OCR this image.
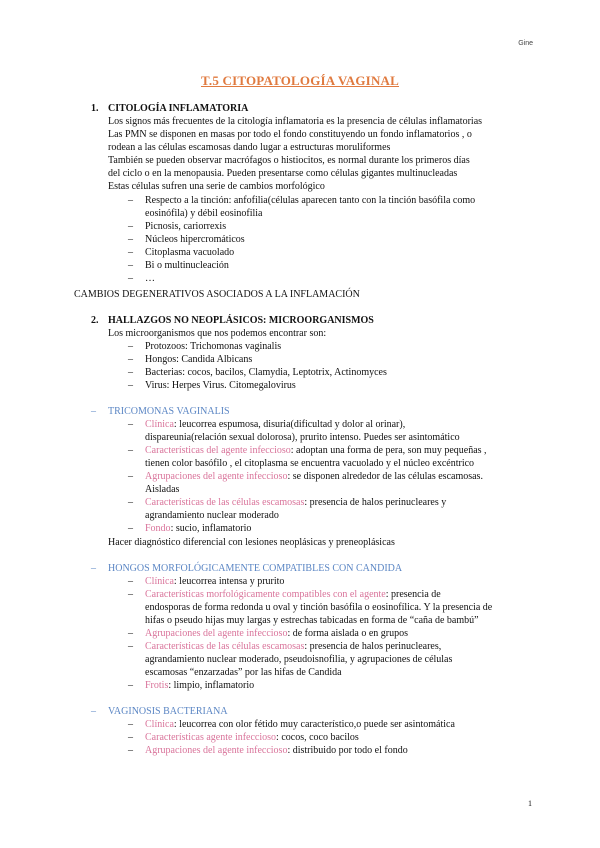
Gine
T.5 CITOPATOLOGÍA VAGINAL

1. CITOLOGÍA INFLAMATORIA

Los signos más frecuentes de la citología inflamatoria es la presencia de células inflamatorias

Las PMN se disponen en masas por todo el fondo constituyendo un fondo inflamatorios , o

rodean a las células escamosas dando lugar a estructuras moruliformes

También se pueden observar macrófagos o histiocitos, es normal durante los primeros días

del ciclo o en la menopausia. Pueden presentarse como células gigantes multinucleadas

Estas células sufren una serie de cambios morfológico

– Respecto a la tinción: anfofilia(células aparecen tanto con la tinción basófila como

eosinófila) y débil eosinofilia

– Picnosis, cariorrexis

– Núcleos hipercromáticos

– Citoplasma vacuolado

– Bi o multinucleación

– …

CAMBIOS DEGENERATIVOS ASOCIADOS A LA INFLAMACIÓN

2. HALLAZGOS NO NEOPLÁSICOS: MICROORGANISMOS

Los microorganismos que nos podemos encontrar son:

– Protozoos: Trichomonas vaginalis

– Hongos: Candida Albicans

– Bacterias: cocos, bacilos, Clamydia, Leptotrix, Actinomyces

– Virus: Herpes Virus. Citomegalovirus

– TRICOMONAS VAGINALIS

– Clínica: leucorrea espumosa, disuria(dificultad y dolor al orinar),

dispareunia(relación sexual dolorosa), prurito intenso. Puedes ser asintomático

– Características del agente infeccioso: adoptan una forma de pera, son muy pequeñas ,

tienen color basófilo , el citoplasma se encuentra vacuolado y el núcleo excéntrico

– Agrupaciones del agente infeccioso: se disponen alrededor de las células escamosas.

Aisladas

– Características de las células escamosas: presencia de halos perinucleares y

agrandamiento nuclear moderado

– Fondo: sucio, inflamatorio

Hacer diagnóstico diferencial con lesiones neoplásicas y preneoplásicas

– HONGOS MORFOLÓGICAMENTE COMPATIBLES CON CANDIDA

– Clínica: leucorrea intensa y prurito

– Características morfológicamente compatibles con el agente: presencia de

endosporas de forma redonda u oval y tinción basófila o eosinofílica. Y la presencia de

hifas o pseudo hijas muy largas y estrechas tabicadas en forma de “caña de bambú”

– Agrupaciones del agente infeccioso: de forma aislada o en grupos

– Características de las células escamosas: presencia de halos perinucleares,

agrandamiento nuclear moderado, pseudoisnofilia, y agrupaciones de células

escamosas “enzarzadas” por las hifas de Candida

– Frotis: limpio, inflamatorio

– VAGINOSIS BACTERIANA

– Clínica: leucorrea con olor fétido muy característico,o puede ser asintomática

– Características agente infeccioso: cocos, coco bacilos

– Agrupaciones del agente infeccioso: distribuido por todo el fondo

1
